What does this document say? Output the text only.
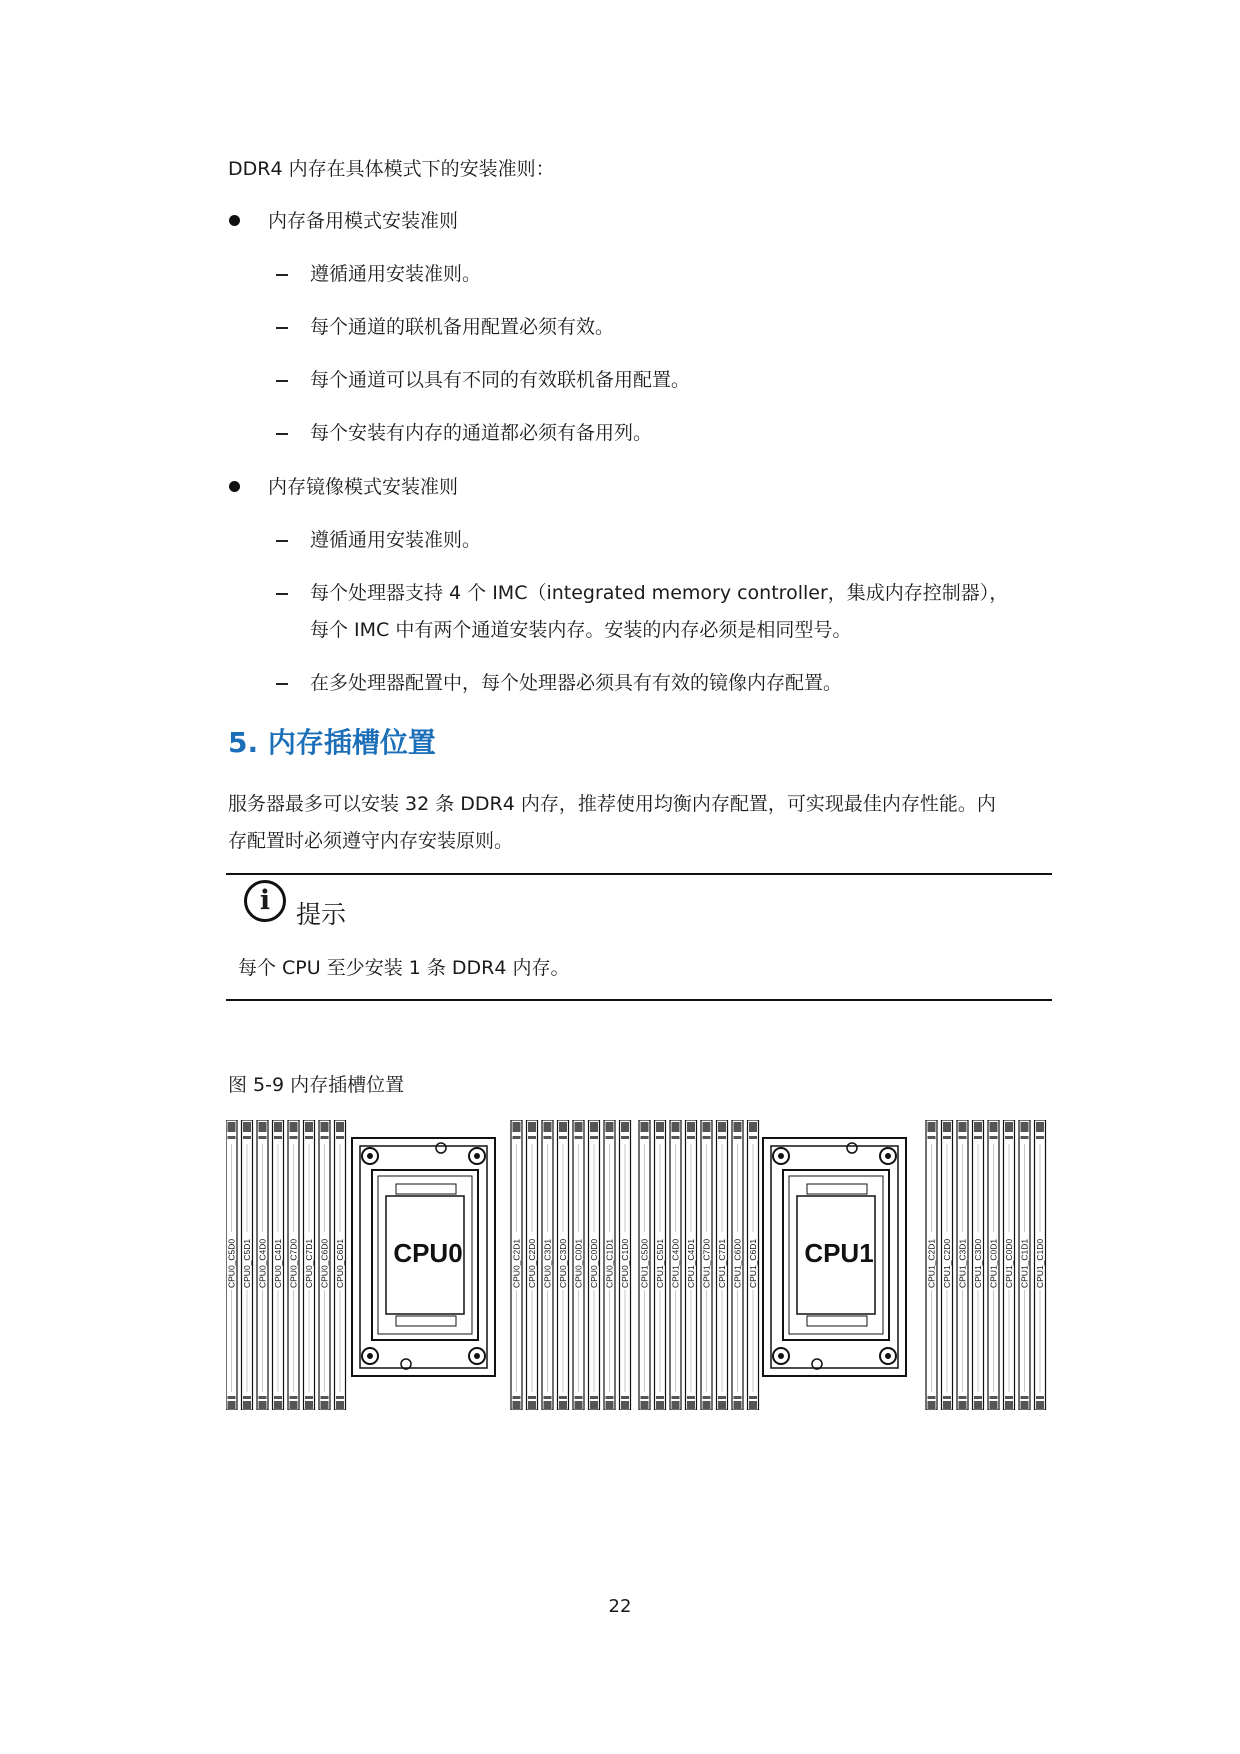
DDR4 内存在具体模式下的安装准则：
内存备用模式安装准则
遵循通用安装准则。
每个通道的联机备用配置必须有效。
每个通道可以具有不同的有效联机备用配置。
每个安装有内存的通道都必须有备用列。
内存镜像模式安装准则
遵循通用安装准则。
每个处理器支持 4 个 IMC（integrated memory controller，集成内存控制器），
每个 IMC 中有两个通道安装内存。安装的内存必须是相同型号。
在多处理器配置中，每个处理器必须具有有效的镜像内存配置。
5. 内存插槽位置
服务器最多可以安装 32 条 DDR4 内存，推荐使用均衡内存配置，可实现最佳内存性能。内
存配置时必须遵守内存安装原则。
i	提示
每个 CPU 至少安装 1 条 DDR4 内存。
图 5-9 内存插槽位置
CPU0	CPU1
CPU0_C5D0 CPU0_C5D1 CPU0_C4D0 CPU0_C4D1 CPU0_C7D0 CPU0_C7D1 CPU0_C6D0 CPU0_C6D1	CPU0_C2D1 CPU0_C2D0 CPU0_C3D1 CPU0_C3D0 CPU0_C0D1 CPU0_C0D0 CPU0_C1D1 CPU0_C1D0 CPU1_C5D0 CPU1_C5D1 CPU1_C4D0 CPU1_C4D1 CPU1_C7D0 CPU1_C7D1 CPU1_C6D0 CPU1_C6D1	CPU1_C2D1 CPU1_C2D0 CPU1_C3D1 CPU1_C3D0 CPU1_C0D1 CPU1_C0D0 CPU1_C1D1 CPU1_C1D0
22
